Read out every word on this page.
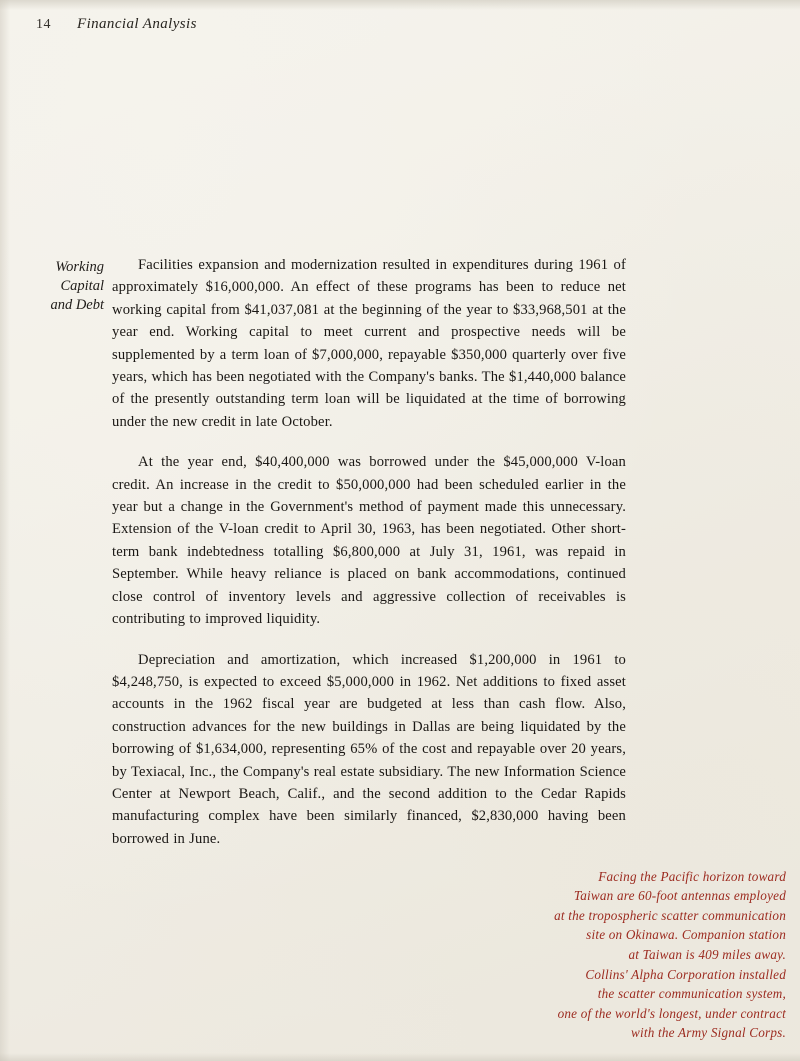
14 Financial Analysis
Working
Capital
and Debt

Facilities expansion and modernization resulted in expenditures during 1961 of approximately $16,000,000. An effect of these programs has been to reduce net working capital from $41,037,081 at the beginning of the year to $33,968,501 at the year end. Working capital to meet current and prospective needs will be supplemented by a term loan of $7,000,000, repayable $350,000 quarterly over five years, which has been negotiated with the Company's banks. The $1,440,000 balance of the presently outstanding term loan will be liquidated at the time of borrowing under the new credit in late October.

At the year end, $40,400,000 was borrowed under the $45,000,000 V-loan credit. An increase in the credit to $50,000,000 had been scheduled earlier in the year but a change in the Government's method of payment made this unnecessary. Extension of the V-loan credit to April 30, 1963, has been negotiated. Other short-term bank indebtedness totalling $6,800,000 at July 31, 1961, was repaid in September. While heavy reliance is placed on bank accommodations, continued close control of inventory levels and aggressive collection of receivables is contributing to improved liquidity.

Depreciation and amortization, which increased $1,200,000 in 1961 to $4,248,750, is expected to exceed $5,000,000 in 1962. Net additions to fixed asset accounts in the 1962 fiscal year are budgeted at less than cash flow. Also, construction advances for the new buildings in Dallas are being liquidated by the borrowing of $1,634,000, representing 65% of the cost and repayable over 20 years, by Texiacal, Inc., the Company's real estate subsidiary. The new Information Science Center at Newport Beach, Calif., and the second addition to the Cedar Rapids manufacturing complex have been similarly financed, $2,830,000 having been borrowed in June.

Facing the Pacific horizon toward
Taiwan are 60-foot antennas employed
at the tropospheric scatter communication
site on Okinawa. Companion station
at Taiwan is 409 miles away.
Collins' Alpha Corporation installed
the scatter communication system,
one of the world's longest, under contract
with the Army Signal Corps.
